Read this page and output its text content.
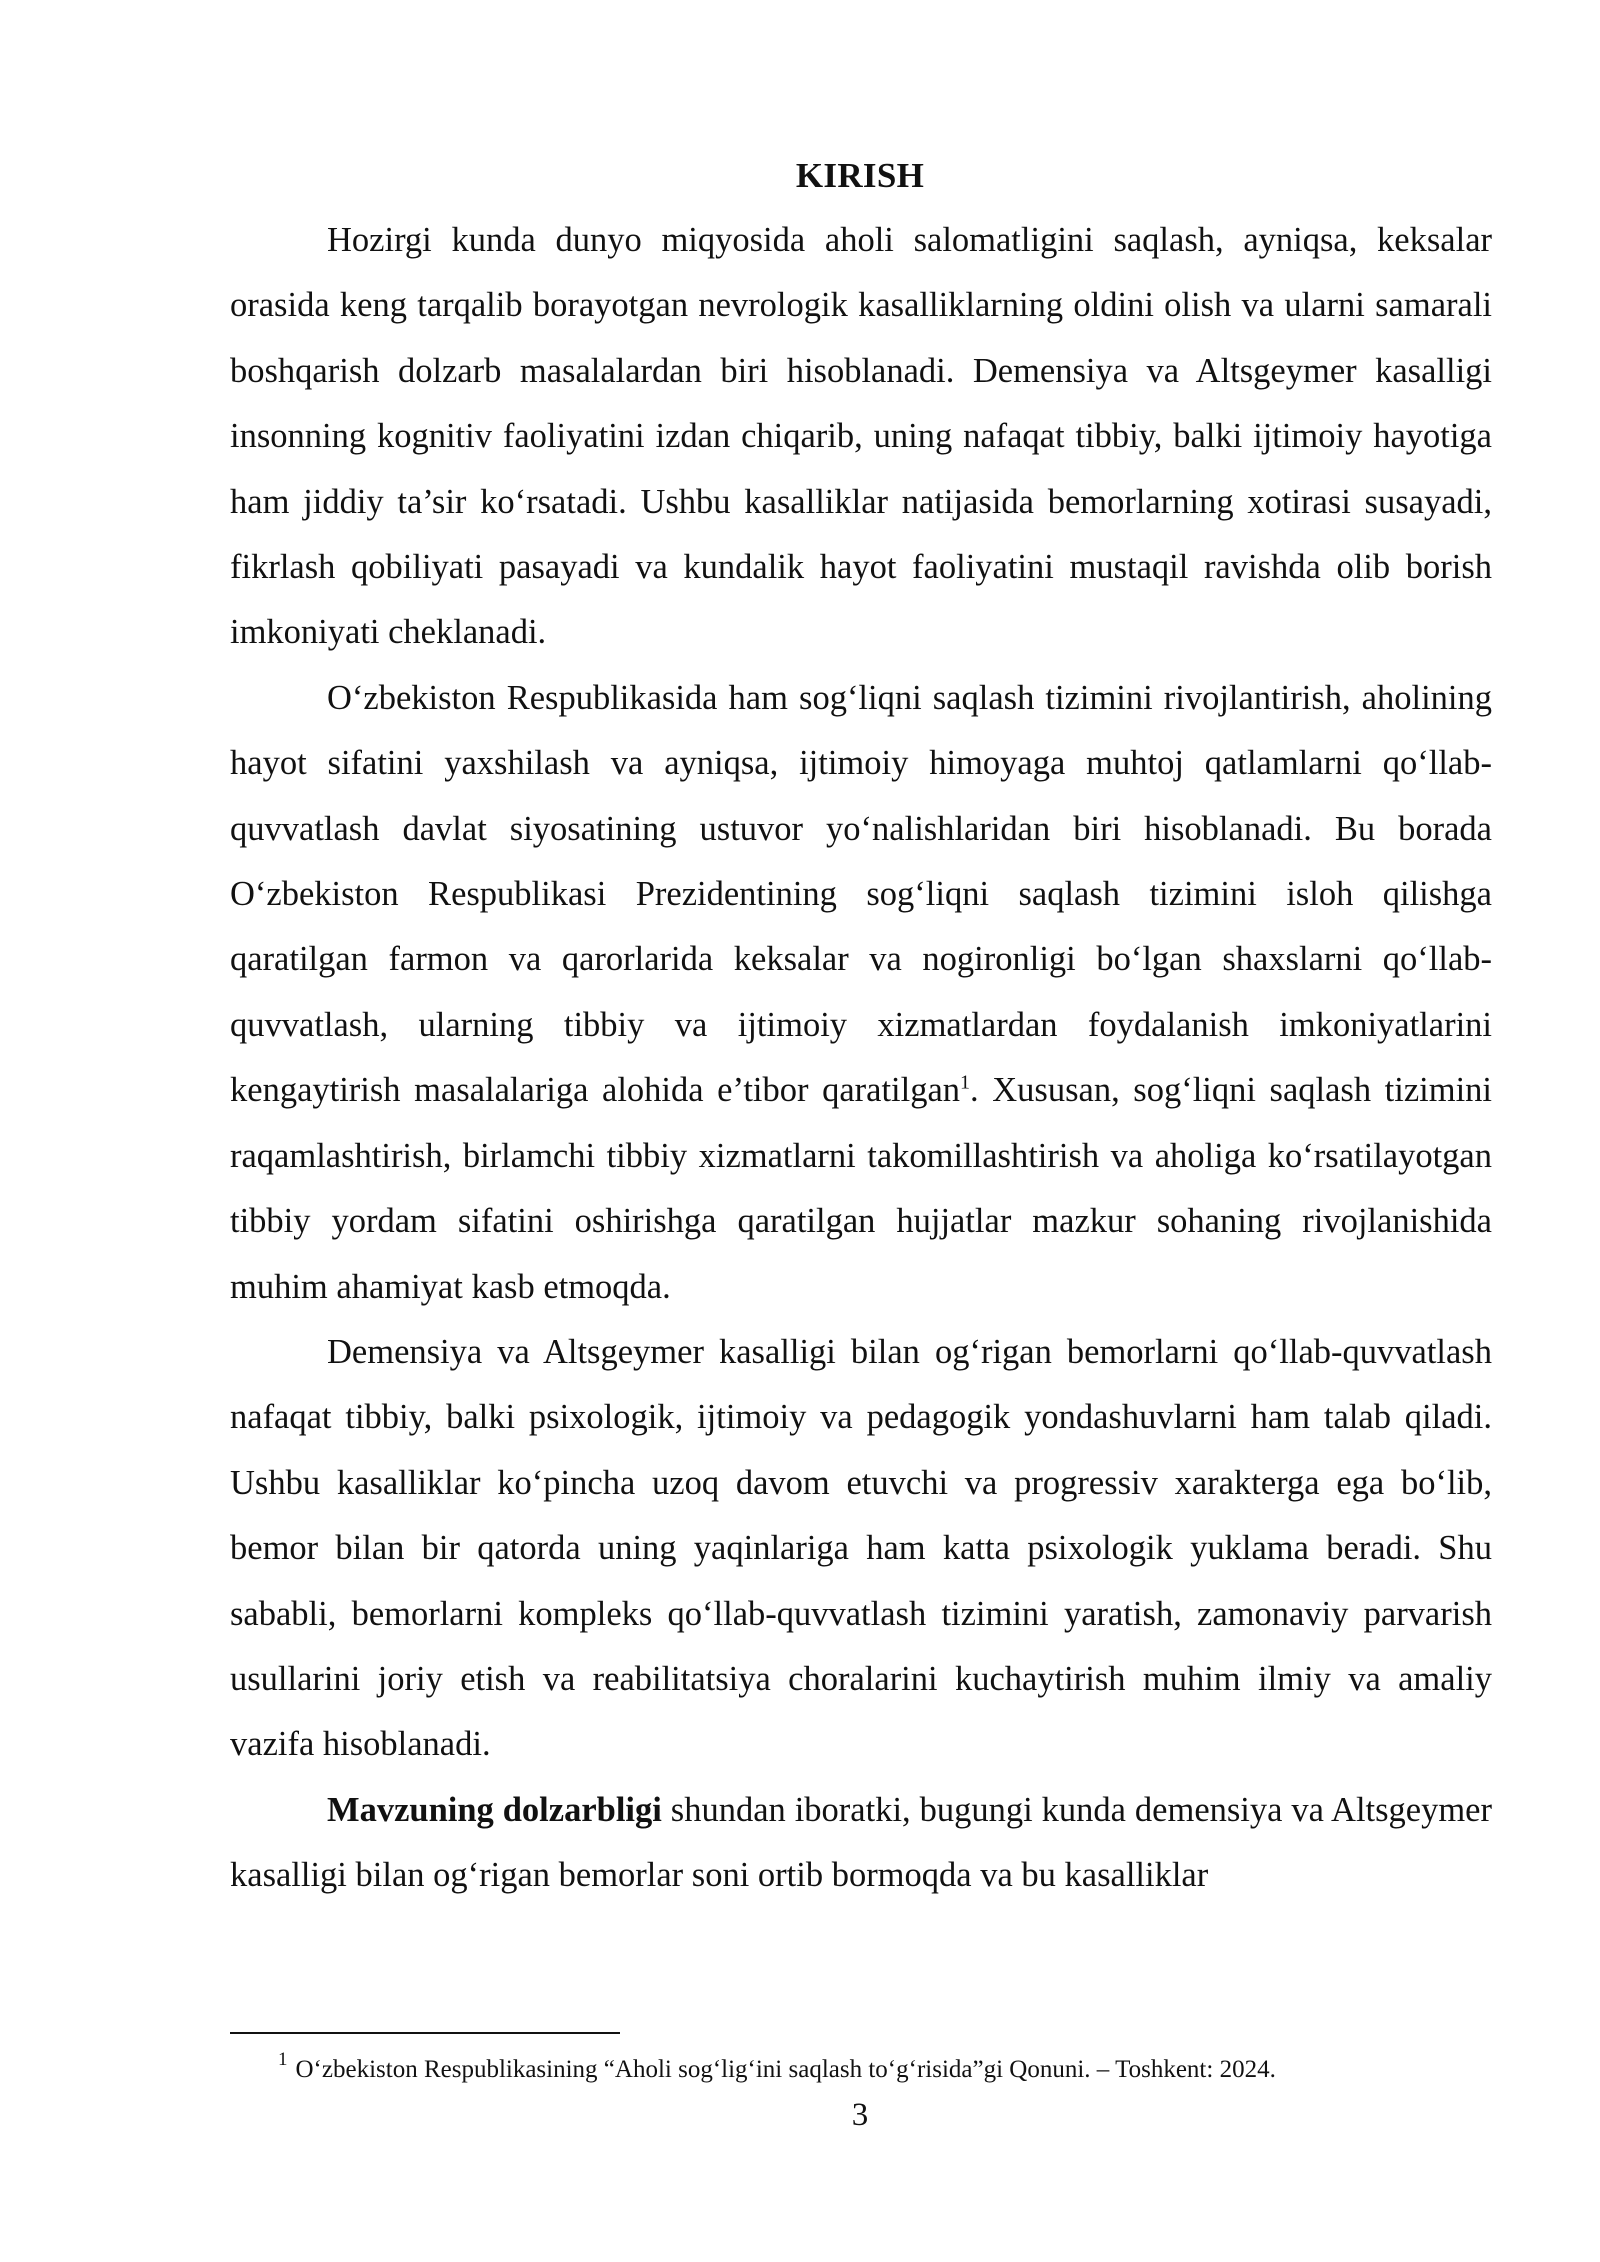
KIRISH

Hozirgi kunda dunyo miqyosida aholi salomatligini saqlash, ayniqsa, keksalar orasida keng tarqalib borayotgan nevrologik kasalliklarning oldini olish va ularni samarali boshqarish dolzarb masalalardan biri hisoblanadi. Demensiya va Altsgeymer kasalligi insonning kognitiv faoliyatini izdan chiqarib, uning nafaqat tibbiy, balki ijtimoiy hayotiga ham jiddiy ta’sir ko‘rsatadi. Ushbu kasalliklar natijasida bemorlarning xotirasi susayadi, fikrlash qobiliyati pasayadi va kundalik hayot faoliyatini mustaqil ravishda olib borish imkoniyati cheklanadi.

O‘zbekiston Respublikasida ham sog‘liqni saqlash tizimini rivojlantirish, aholining hayot sifatini yaxshilash va ayniqsa, ijtimoiy himoyaga muhtoj qatlamlarni qo‘llab-quvvatlash davlat siyosatining ustuvor yo‘nalishlaridan biri hisoblanadi. Bu borada O‘zbekiston Respublikasi Prezidentining sog‘liqni saqlash tizimini isloh qilishga qaratilgan farmon va qarorlarida keksalar va nogironligi bo‘lgan shaxslarni qo‘llab-quvvatlash, ularning tibbiy va ijtimoiy xizmatlardan foydalanish imkoniyatlarini kengaytirish masalalariga alohida e’tibor qaratilgan$^1$. Xususan, sog‘liqni saqlash tizimini raqamlashtirish, birlamchi tibbiy xizmatlarni takomillashtirish va aholiga ko‘rsatilayotgan tibbiy yordam sifatini oshirishga qaratilgan hujjatlar mazkur sohaning rivojlanishida muhim ahamiyat kasb etmoqda.

Demensiya va Altsgeymer kasalligi bilan og‘rigan bemorlarni qo‘llab-quvvatlash nafaqat tibbiy, balki psixologik, ijtimoiy va pedagogik yondashuvlarni ham talab qiladi. Ushbu kasalliklar ko‘pincha uzoq davom etuvchi va progressiv xarakterga ega bo‘lib, bemor bilan bir qatorda uning yaqinlariga ham katta psixologik yuklama beradi. Shu sababli, bemorlarni kompleks qo‘llab-quvvatlash tizimini yaratish, zamonaviy parvarish usullarini joriy etish va reabilitatsiya choralarini kuchaytirish muhim ilmiy va amaliy vazifa hisoblanadi.

Mavzuning dolzarbligi shundan iboratki, bugungi kunda demensiya va Altsgeymer kasalligi bilan og‘rigan bemorlar soni ortib bormoqda va bu kasalliklar

$^1$ O‘zbekiston Respublikasining “Aholi sog‘lig‘ini saqlash to‘g‘risida”gi Qonuni. – Toshkent: 2024.
3
